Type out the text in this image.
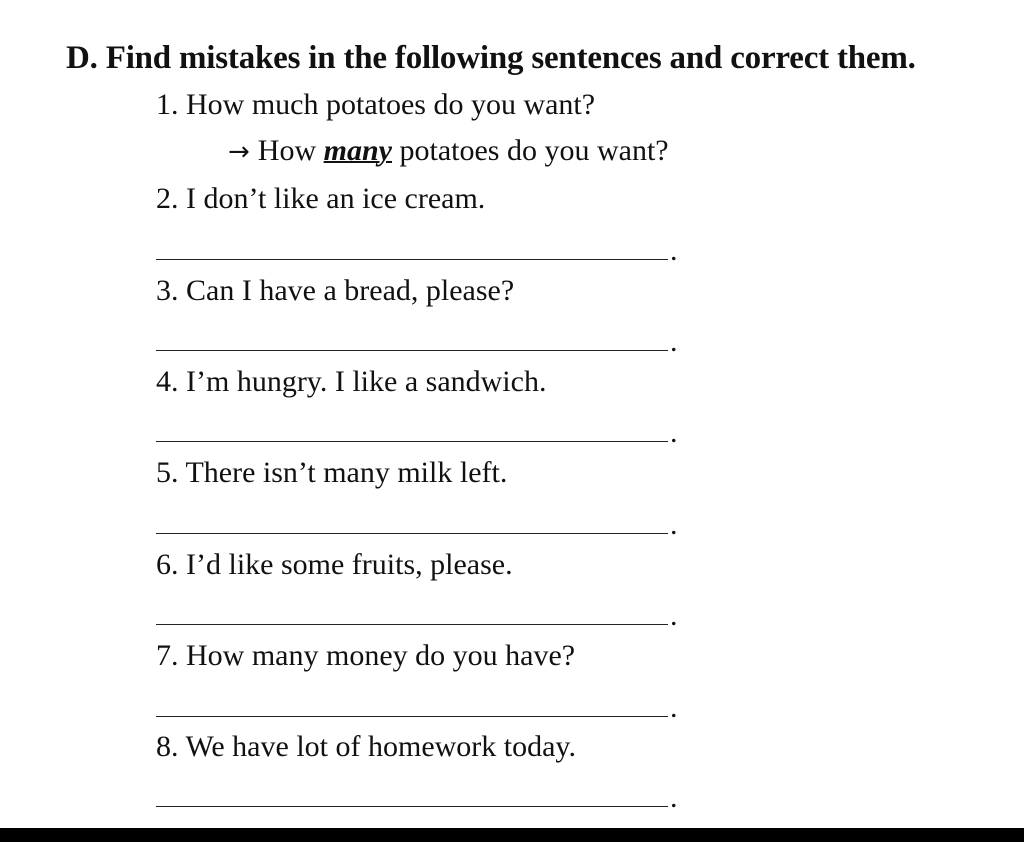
D. Find mistakes in the following sentences and correct them.
1. How much potatoes do you want?
→ How many potatoes do you want?
2. I don’t like an ice cream.
.
3. Can I have a bread, please?
.
4. I’m hungry. I like a sandwich.
.
5. There isn’t many milk left.
.
6. I’d like some fruits, please.
.
7. How many money do you have?
.
8. We have lot of homework today.
.
